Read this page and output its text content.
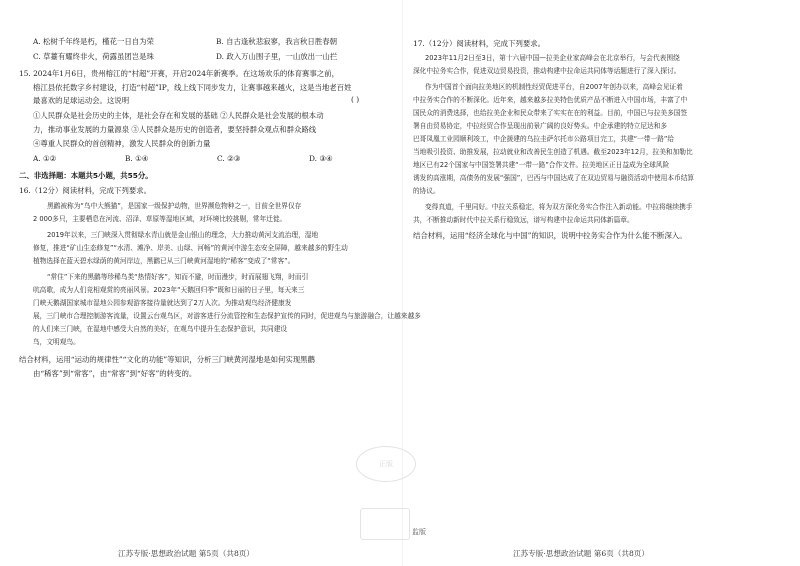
A. 松树千年终是朽，槿花一日自为荣	B. 自古逢秋悲寂寥，我言秋日胜春朝
C. 草薹有耀终非火，荷露虽团岂是珠	D. 政入万山围子里，一山放出一山拦
15. 2024年1月6日，贵州榕江的“村超”开赛，开启2024年新赛季。在这场欢乐的体育赛事之前，
榕江县依托数字乡村建设，打造“村超”IP，线上线下同步发力，让赛事越来越火，这是当地老百姓
最喜欢的足球运动会。这说明	( )
①人民群众是社会历史的主体，是社会存在和发展的基础 ②人民群众是社会发展的根本动
力，推动事业发展的力量源泉 ③人民群众是历史的创造者，要坚持群众观点和群众路线
④尊重人民群众的首创精神，激发人民群众的创新力量
A. ①②	B. ①④	C. ②③	D. ③④
二、非选择题：本题共5小题，共55分。
16.（12分）阅读材料，完成下列要求。
黑鹳被称为“鸟中大熊猫”，是国家一级保护动物，世界濒危物种之一，目前全世界仅存
2 000多只，主要栖息在河流、沼泽、草原等湿地区域，对环境比较挑剔，常年迁徙。
2019年以来，三门峡深入贯彻绿水青山就是金山银山的理念，大力推动黄河支流治理，湿地
修复，推进“矿山生态修复”“水清、滩净、岸美、山绿、河畅”的黄河中游生态安全屏障，越来越多的野生动
植物选择在蓝天碧水绿荫的黄河岸边，黑鹳已从三门峡黄河湿地的“稀客”变成了“常客”。
“常住”下来的黑鹳等珍稀鸟类“热情好客”，知而不避，时而漫步，时而展翅飞翔，时而引
吭高歌，成为人们竞相观赏的亮丽风景。2023年“天鹅回归季”既和日丽的日子里，每天来三
门峡天鹅湖国家城市湿地公园参观游客接待量就达到了2万人次。为推动观鸟经济健康发
展，三门峡市合理控制游客流量，设置云台观鸟区，对游客进行分流管控和生态保护宣传的同时，促进观鸟与旅游融合，让越来越多
的人们来三门峡，在湿地中感受大自然的美好，在观鸟中提升生态保护意识，共同建设
鸟，文明观鸟。
结合材料，运用“运动的规律性”“文化的功能”等知识，分析三门峡黄河湿地是如何实现黑鹳
由“稀客”到“常客”，由“常客”到“好客”的转变的。
17.（12分）阅读材料，完成下列要求。
2023年11月2日至3日，第十六届中国—拉美企业家高峰会在北京举行，与会代表围绕
深化中拉务实合作，促进双边贸易投资，推动构建中拉命运共同体等话题进行了深入探讨。
作为中国首个面向拉美地区的机制性经贸促进平台，自2007年创办以来，高峰会见证着
中拉务实合作的不断深化。近年来，越来越多拉美特色优质产品不断进入中国市场，丰富了中
国民众的消费选择，也给拉美企业和民众带来了实实在在的利益。目前，中国已与拉美多国签
署自由贸易协定，中拉经贸合作呈现出前景广阔的良好势头。中企承建的特立尼达和多
巴哥凤凰工业园顺利竣工，中企援建的乌拉圭萨尔托市公路项目完工，共建“一带一路”给
当地吸引投资、助推发展，拉动就业和改善民生创造了机遇。截至2023年12月，拉美和加勒比
地区已有22个国家与中国签署共建“一带一路”合作文件。拉美地区正日益成为全球风险
诱发的高涨期，高债务的发展“强国”，巴西与中国达成了在双边贸易与融资活动中使用本币结算
的协议。
变得真道，千里同好。中拉关系稳定，将为双方深化务实合作注入新动能。中拉将继续携手
共，不断推动新时代中拉关系行稳致远，谱写构建中拉命运共同体新篇章。
结合材料，运用“经济全球化与中国”的知识，说明中拉务实合作为什么能不断深入。
正版
监版
江苏专版·思想政治试题 第5页（共8页）	江苏专版·思想政治试题 第6页（共8页）
